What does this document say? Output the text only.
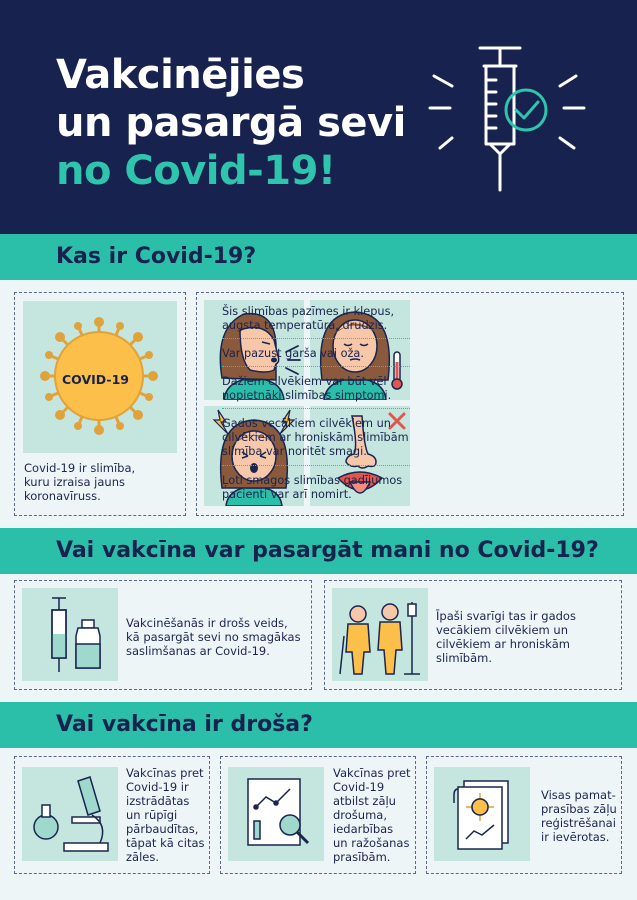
Vakcinējies
un pasargā sevi
no Covid-19!
Kas ir Covid-19?
COVID-19
Covid-19 ir slimība,
kuru izraisa jauns
koronavīruss.
Šis slimības pazīmes ir klepus,
augsta temperatūra, drudzis.
Var pazust garša vai oža.
Dažiem cilvēkiem var būt vēl
nopietnāki slimības simptomi.
Gados vecākiem cilvēkiem un
cilvēkiem ar hroniskām slimībām
slimība var noritēt smagi.
Ļoti smagos slimības gadījumos
pacienti var arī nomirt.
Vai vakcīna var pasargāt mani no Covid-19?
Vakcinēšanās ir drošs veids,
kā pasargāt sevi no smagākas
saslimšanas ar Covid-19.
Īpaši svarīgi tas ir gados
vecākiem cilvēkiem un
cilvēkiem ar hroniskām
slimībām.
Vai vakcīna ir droša?
Vakcīnas pret
Covid-19 ir
izstrādātas
un rūpīgi
pārbaudītas,
tāpat kā citas
zāles.
Vakcīnas pret
Covid-19
atbilst zāļu
drošuma,
iedarbības
un ražošanas
prasībām.
Visas pamat-
prasības zāļu
reģistrēšanai
ir ievērotas.
